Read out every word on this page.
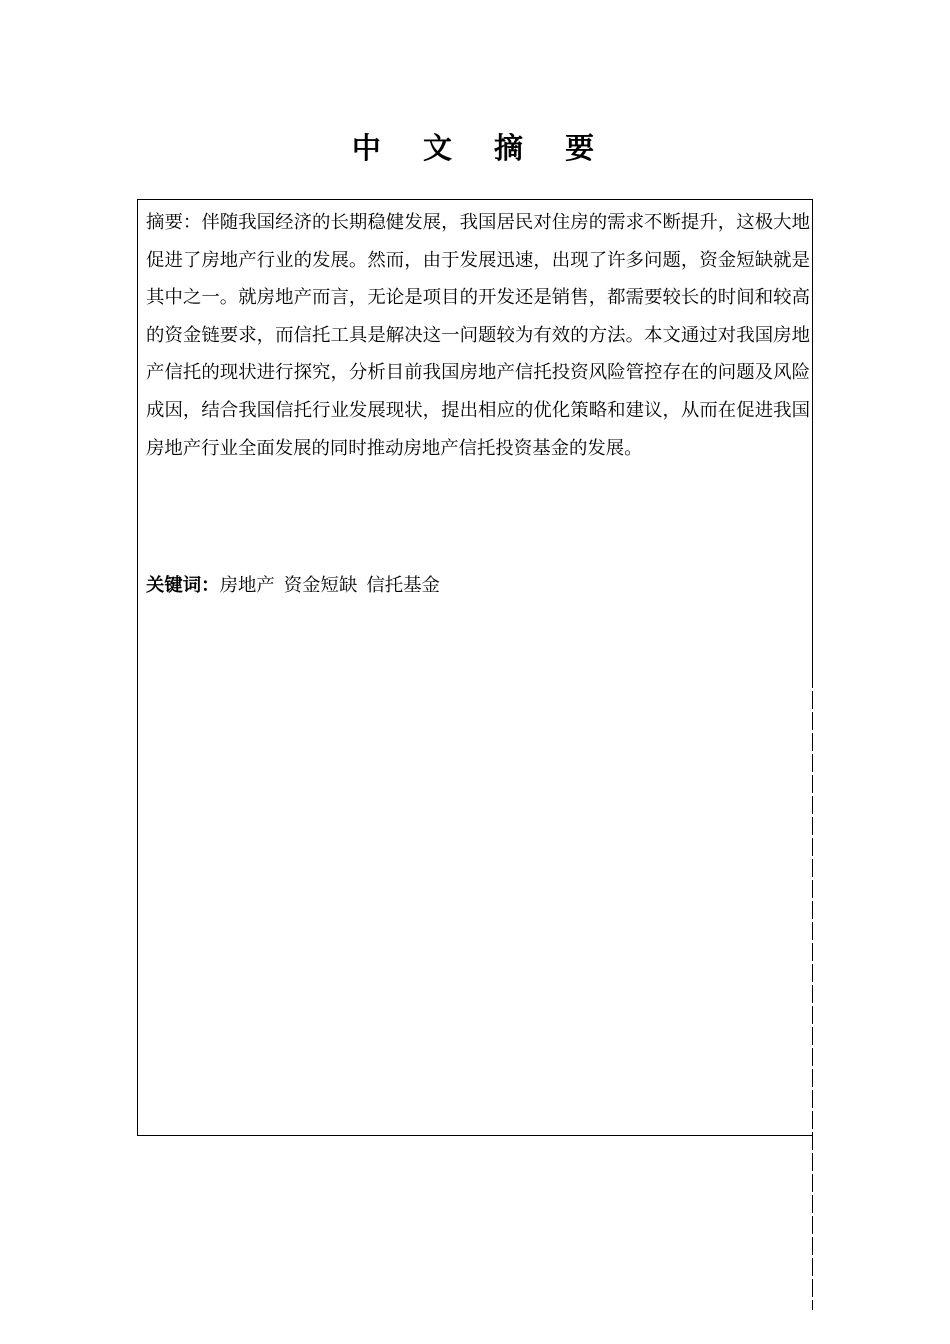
中 文 摘 要

摘要：伴随我国经济的长期稳健发展，我国居民对住房的需求不断提升，这极大地促进了房地产行业的发展。然而，由于发展迅速，出现了许多问题，资金短缺就是其中之一。就房地产而言，无论是项目的开发还是销售，都需要较长的时间和较高的资金链要求，而信托工具是解决这一问题较为有效的方法。本文通过对我国房地产信托的现状进行探究，分析目前我国房地产信托投资风险管控存在的问题及风险成因，结合我国信托行业发展现状，提出相应的优化策略和建议，从而在促进我国房地产行业全面发展的同时推动房地产信托投资基金的发展。

关键词：房地产 资金短缺 信托基金
